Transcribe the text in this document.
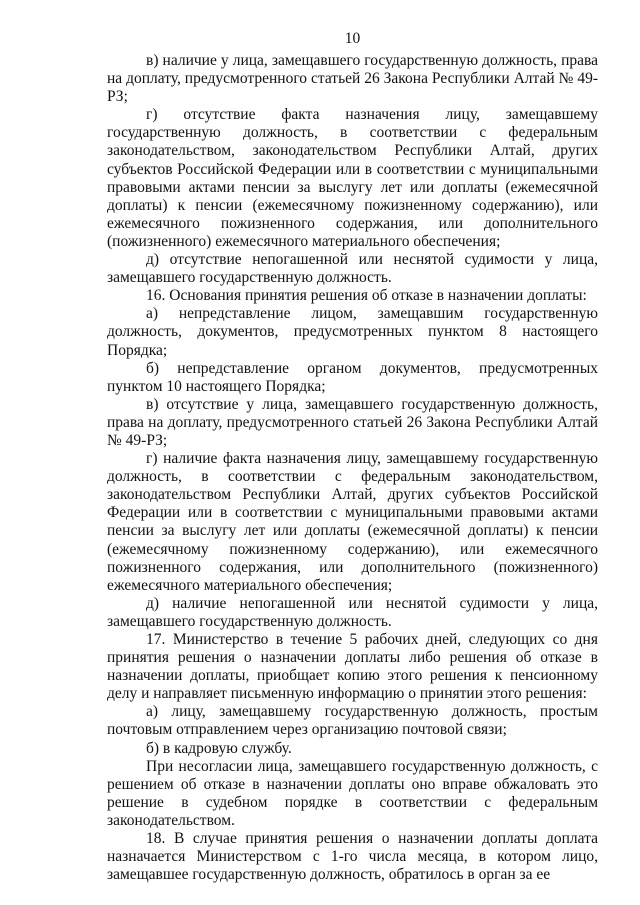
10

в) наличие у лица, замещавшего государственную должность, права на доплату, предусмотренного статьей 26 Закона Республики Алтай № 49-РЗ;

г) отсутствие факта назначения лицу, замещавшему государственную должность, в соответствии с федеральным законодательством, законодательством Республики Алтай, других субъектов Российской Федерации или в соответствии с муниципальными правовыми актами пенсии за выслугу лет или доплаты (ежемесячной доплаты) к пенсии (ежемесячному пожизненному содержанию), или ежемесячного пожизненного содержания, или дополнительного (пожизненного) ежемесячного материального обеспечения;

д) отсутствие непогашенной или неснятой судимости у лица, замещавшего государственную должность.

16. Основания принятия решения об отказе в назначении доплаты:

а) непредставление лицом, замещавшим государственную должность, документов, предусмотренных пунктом 8 настоящего Порядка;

б) непредставление органом документов, предусмотренных пунктом 10 настоящего Порядка;

в) отсутствие у лица, замещавшего государственную должность, права на доплату, предусмотренного статьей 26 Закона Республики Алтай № 49-РЗ;

г) наличие факта назначения лицу, замещавшему государственную должность, в соответствии с федеральным законодательством, законодательством Республики Алтай, других субъектов Российской Федерации или в соответствии с муниципальными правовыми актами пенсии за выслугу лет или доплаты (ежемесячной доплаты) к пенсии (ежемесячному пожизненному содержанию), или ежемесячного пожизненного содержания, или дополнительного (пожизненного) ежемесячного материального обеспечения;

д) наличие непогашенной или неснятой судимости у лица, замещавшего государственную должность.

17. Министерство в течение 5 рабочих дней, следующих со дня принятия решения о назначении доплаты либо решения об отказе в назначении доплаты, приобщает копию этого решения к пенсионному делу и направляет письменную информацию о принятии этого решения:

а) лицу, замещавшему государственную должность, простым почтовым отправлением через организацию почтовой связи;

б) в кадровую службу.

При несогласии лица, замещавшего государственную должность, с решением об отказе в назначении доплаты оно вправе обжаловать это решение в судебном порядке в соответствии с федеральным законодательством.

18. В случае принятия решения о назначении доплаты доплата назначается Министерством с 1-го числа месяца, в котором лицо, замещавшее государственную должность, обратилось в орган за ее
